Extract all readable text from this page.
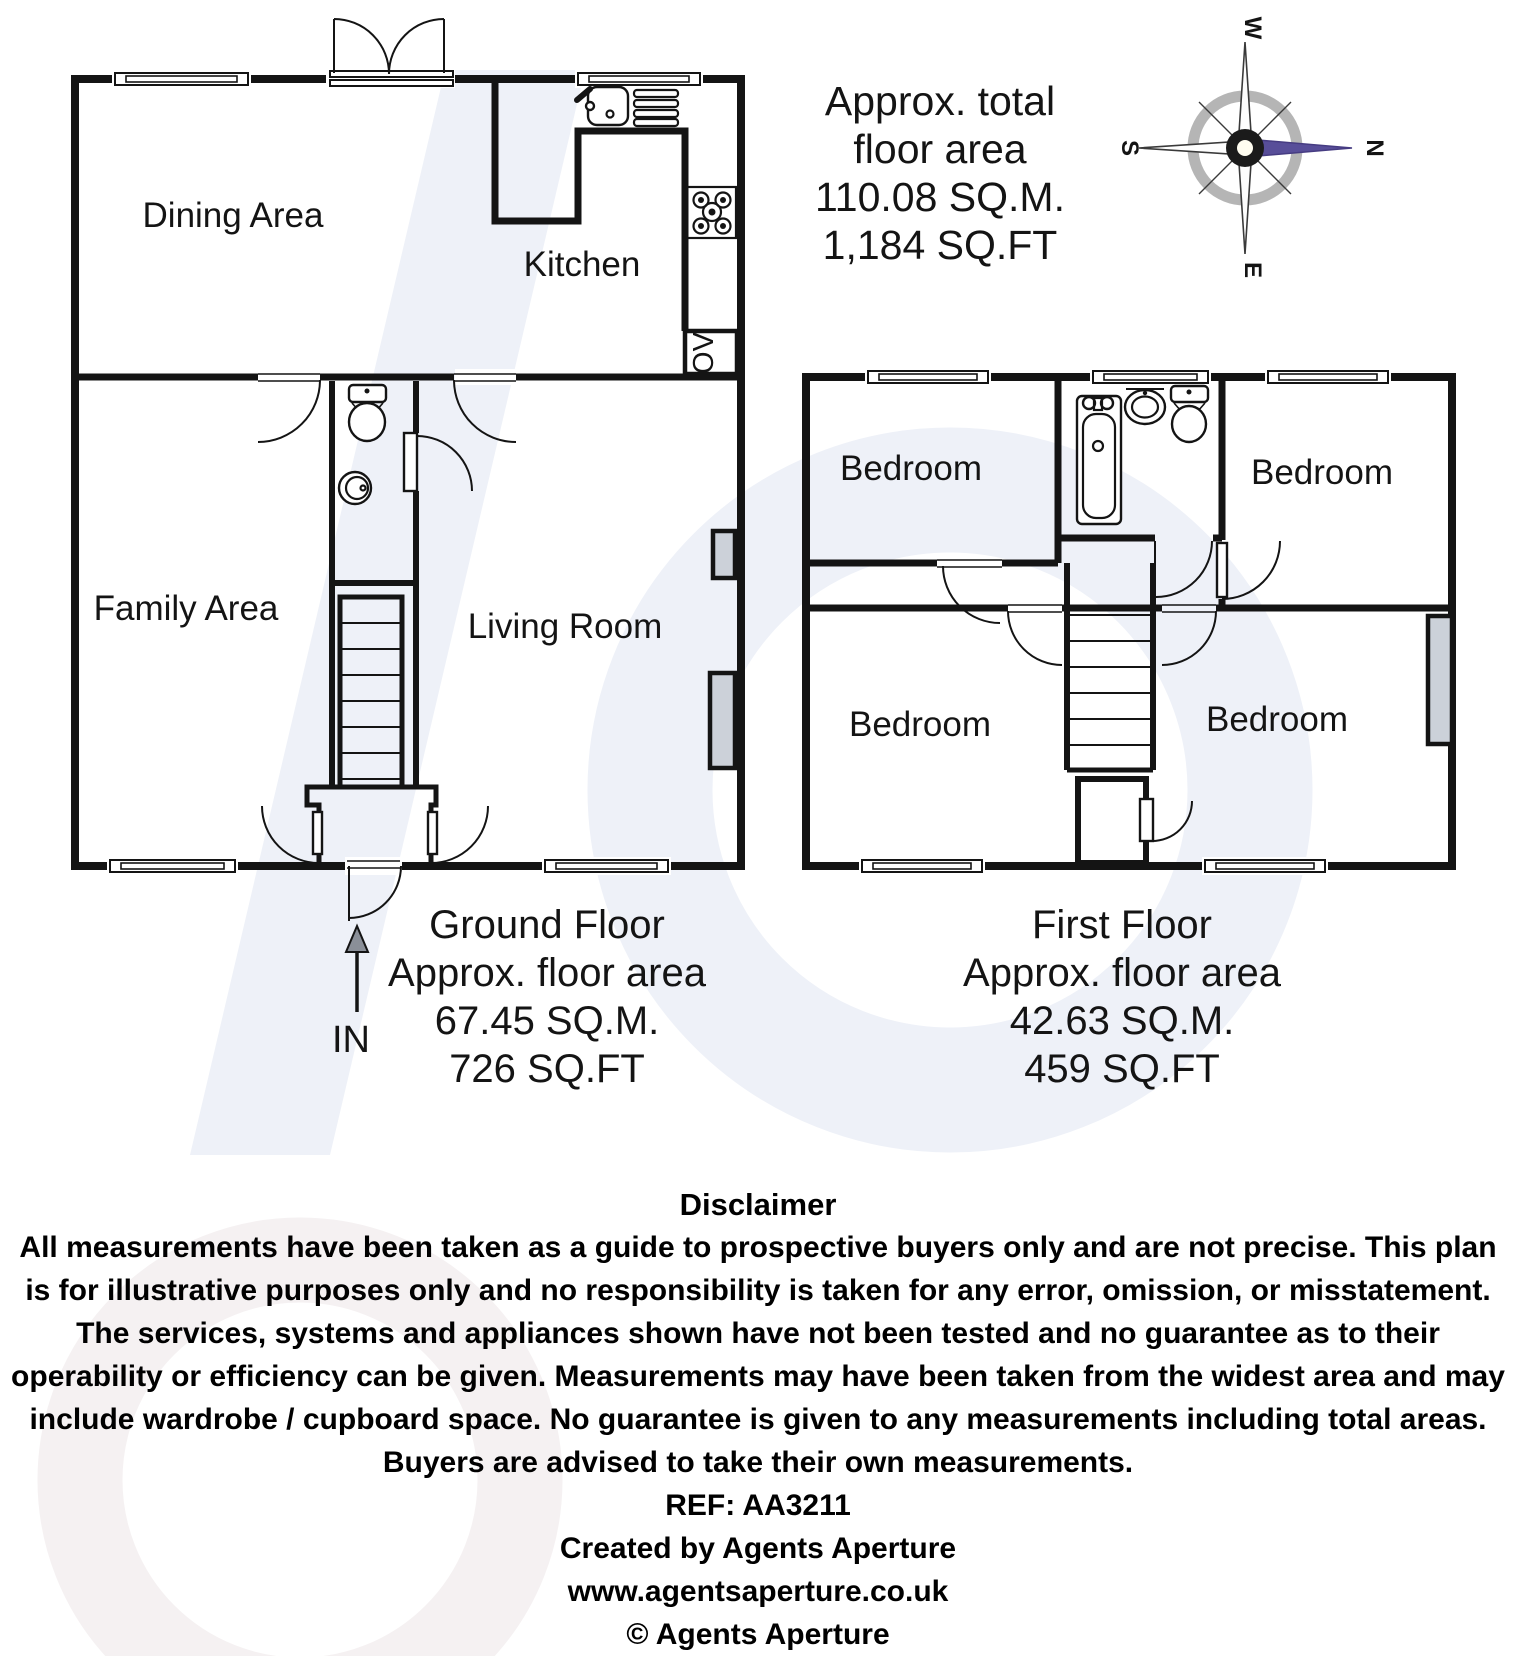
OV
Dining Area
Kitchen
Family Area	Living Room
IN
Ground Floor
Approx. floor area
67.45 SQ.M.
726 SQ.FT
Bedroom	Bedroom
Bedroom	Bedroom
First Floor
Approx. floor area
42.63 SQ.M.
459 SQ.FT
Approx. total
floor area
110.08 SQ.M.
1,184 SQ.FT
W
N
S
E
Disclaimer
All measurements have been taken as a guide to prospective buyers only and are not precise. This plan is for illustrative purposes only and no responsibility is taken for any error, omission, or misstatement. The services, systems and appliances shown have not been tested and no guarantee as to their operability or efficiency can be given. Measurements may have been taken from the widest area and may include wardrobe / cupboard space. No guarantee is given to any measurements including total areas. Buyers are advised to take their own measurements.
REF: AA3211
Created by Agents Aperture
www.agentsaperture.co.uk
© Agents Aperture
